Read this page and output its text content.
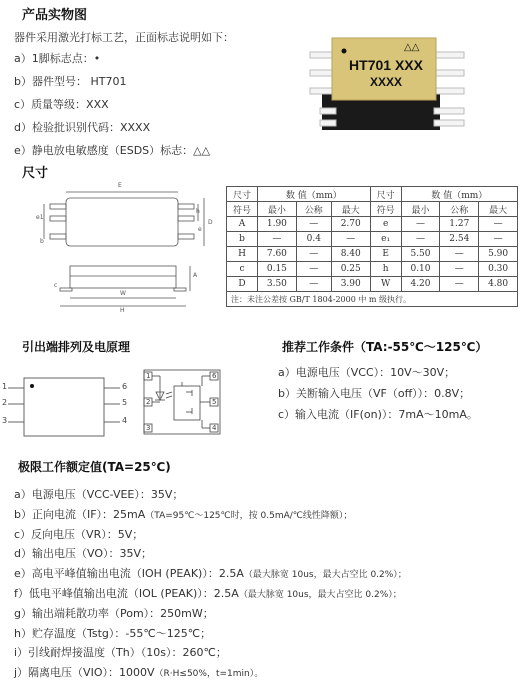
产品实物图
器件采用激光打标工艺，正面标志说明如下：
a）1脚标志点：•
b）器件型号： HT701
c）质量等级：XXX
d）检验批识别代码：XXXX
e）静电放电敏感度（ESDS）标志：△△
△△
HT701 XXX
XXXX
尺寸
E
e1
D
h
b
e
W
H
A
c
尺寸	数 值（mm）			尺寸	数 值（mm）		
符号	最小	公称	最大	符号	最小	公称	最大
A	1.90	—	2.70	e	—	1.27	—
b	—	0.4	—	e₁	—	2.54	—
H	7.60	—	8.40	E	5.50	—	5.90
c	0.15	—	0.25	h	0.10	—	0.30
D	3.50	—	3.90	W	4.20	—	4.80
注：未注公差按 GB/T 1804-2000 中 m 级执行。							
引出端排列及电原理
1
2
3
6
5
4
1
2
3
6
5
4
推荐工作条件（TA:-55℃～125℃）
a）电源电压（VCC）：10V～30V；
b）关断输入电压（VF（off））：0.8V；
c）输入电流（IF(on)）：7mA～10mA。
极限工作额定值(TA=25℃)
a）电源电压（VCC-VEE）：35V；
b）正向电流（IF）：25mA（TA=95℃～125℃时，按 0.5mA/℃线性降额）；
c）反向电压（VR）：5V；
d）输出电压（VO）：35V；
e）高电平峰值输出电流（IOH (PEAK)）：2.5A（最大脉宽 10us，最大占空比 0.2%）；
f）低电平峰值输出电流（IOL (PEAK)）：2.5A（最大脉宽 10us，最大占空比 0.2%）；
g）输出端耗散功率（Pom）：250mW；
h）贮存温度（Tstg）：-55℃～125℃；
i）引线耐焊接温度（Th）（10s）：260℃；
j）隔离电压（VIO）：1000V（R·H≤50%，t=1min）。
